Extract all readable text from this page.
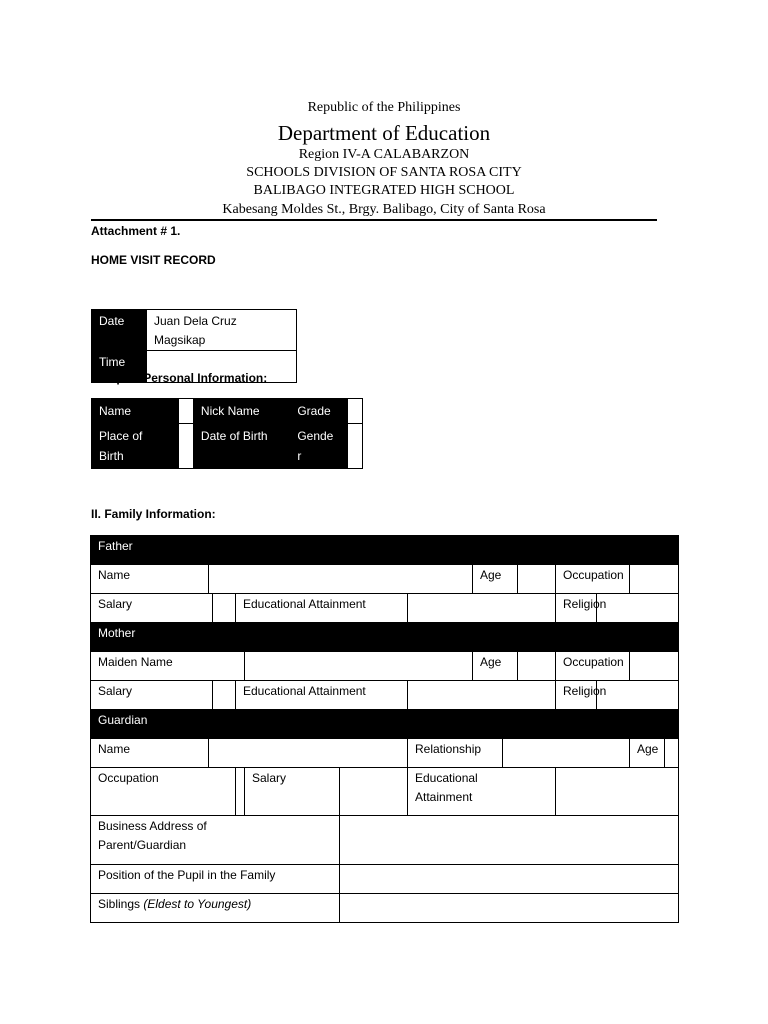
Republic of the Philippines
Department of Education
Region IV-A CALABARZON
SCHOOLS DIVISION OF SANTA ROSA CITY
BALIBAGO INTEGRATED HIGH SCHOOL
Kabesang Moldes St., Brgy. Balibago, City of Santa Rosa
Attachment # 1.
HOME VISIT RECORD
Date	Juan Dela Cruz Magsikap
Time	
I. Pupil’s Personal Information:
Name		Nick Name	Grade	
Place of
Birth		Date of Birth	Gende
r	
II. Family Information:
Father													
Name							Age			Occupation			
Salary			Educational Attainment							Religion			
Mother													
Maiden Name							Age			Occupation			
Salary			Educational Attainment							Religion			
Guardian													
Name						Relationship						Age	
Occupation				Salary		Educational
Attainment							
Business Address of
Parent/Guardian													
Position of the Pupil in the Family													
Siblings (Eldest to Youngest)													
